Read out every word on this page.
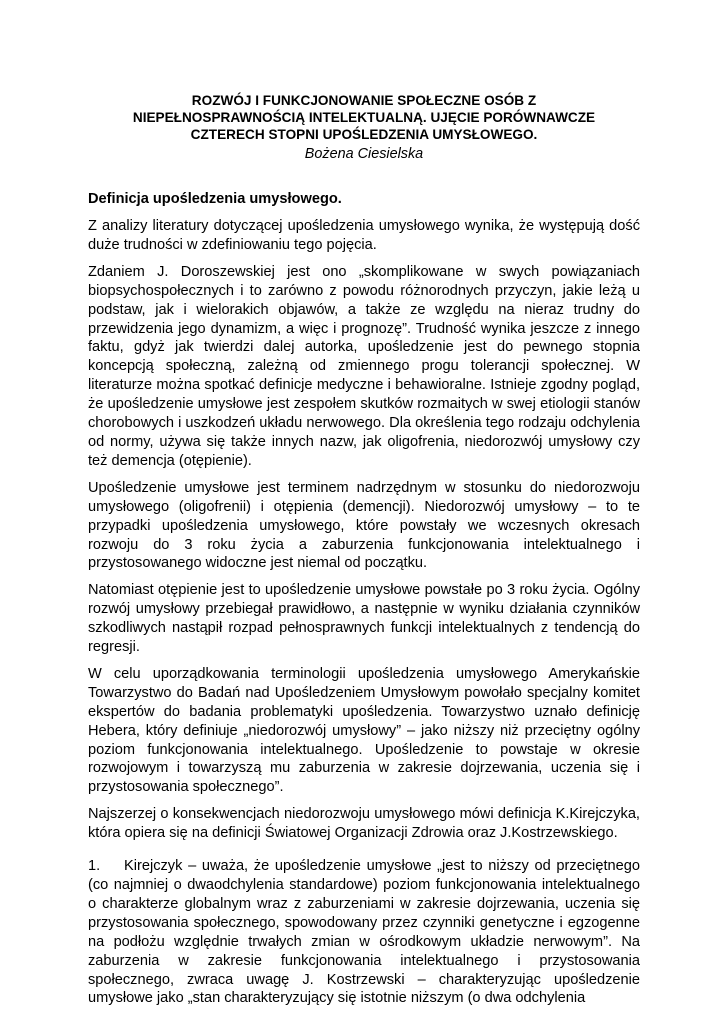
ROZWÓJ I FUNKCJONOWANIE SPOŁECZNE OSÓB Z
NIEPEŁNOSPRAWNOŚCIĄ INTELEKTUALNĄ. UJĘCIE PORÓWNAWCZE
CZTERECH STOPNI UPOŚLEDZENIA UMYSŁOWEGO.

Bożena Ciesielska

Definicja upośledzenia umysłowego.

Z analizy literatury dotyczącej upośledzenia umysłowego wynika, że występują dość duże trudności w zdefiniowaniu tego pojęcia.

Zdaniem J. Doroszewskiej jest ono „skomplikowane w swych powiązaniach biopsychospołecznych i to zarówno z powodu różnorodnych przyczyn, jakie leżą u podstaw, jak i wielorakich objawów, a także ze względu na nieraz trudny do przewidzenia jego dynamizm, a więc i prognozę”. Trudność wynika jeszcze z innego faktu, gdyż jak twierdzi dalej autorka, upośledzenie jest do pewnego stopnia koncepcją społeczną, zależną od zmiennego progu tolerancji społecznej. W literaturze można spotkać definicje medyczne i behawioralne. Istnieje zgodny pogląd, że upośledzenie umysłowe jest zespołem skutków rozmaitych w swej etiologii stanów chorobowych i uszkodzeń układu nerwowego. Dla określenia tego rodzaju odchylenia od normy, używa się także innych nazw, jak oligofrenia, niedorozwój umysłowy czy też demencja (otępienie).

Upośledzenie umysłowe jest terminem nadrzędnym w stosunku do niedorozwoju umysłowego (oligofrenii) i otępienia (demencji). Niedorozwój umysłowy – to te przypadki upośledzenia umysłowego, które powstały we wczesnych okresach rozwoju do 3 roku życia a zaburzenia funkcjonowania intelektualnego i przystosowanego widoczne jest niemal od początku.

Natomiast otępienie jest to upośledzenie umysłowe powstałe po 3 roku życia. Ogólny rozwój umysłowy przebiegał prawidłowo, a następnie w wyniku działania czynników szkodliwych nastąpił rozpad pełnosprawnych funkcji intelektualnych z tendencją do regresji.

W celu uporządkowania terminologii upośledzenia umysłowego Amerykańskie Towarzystwo do Badań nad Upośledzeniem Umysłowym powołało specjalny komitet ekspertów do badania problematyki upośledzenia. Towarzystwo uznało definicję Hebera, który definiuje „niedorozwój umysłowy” – jako niższy niż przeciętny ogólny poziom funkcjonowania intelektualnego. Upośledzenie to powstaje w okresie rozwojowym i towarzyszą mu zaburzenia w zakresie dojrzewania, uczenia się i przystosowania społecznego”.

Najszerzej o konsekwencjach niedorozwoju umysłowego mówi definicja K.Kirejczyka, która opiera się na definicji Światowej Organizacji Zdrowia oraz J.Kostrzewskiego.

1. Kirejczyk – uważa, że upośledzenie umysłowe „jest to niższy od przeciętnego (co najmniej o dwaodchylenia standardowe) poziom funkcjonowania intelektualnego o charakterze globalnym wraz z zaburzeniami w zakresie dojrzewania, uczenia się przystosowania społecznego, spowodowany przez czynniki genetyczne i egzogenne na podłożu względnie trwałych zmian w ośrodkowym układzie nerwowym”. Na zaburzenia w zakresie funkcjonowania intelektualnego i przystosowania społecznego, zwraca uwagę J. Kostrzewski – charakteryzując upośledzenie umysłowe jako „stan charakteryzujący się istotnie niższym (o dwa odchylenia
